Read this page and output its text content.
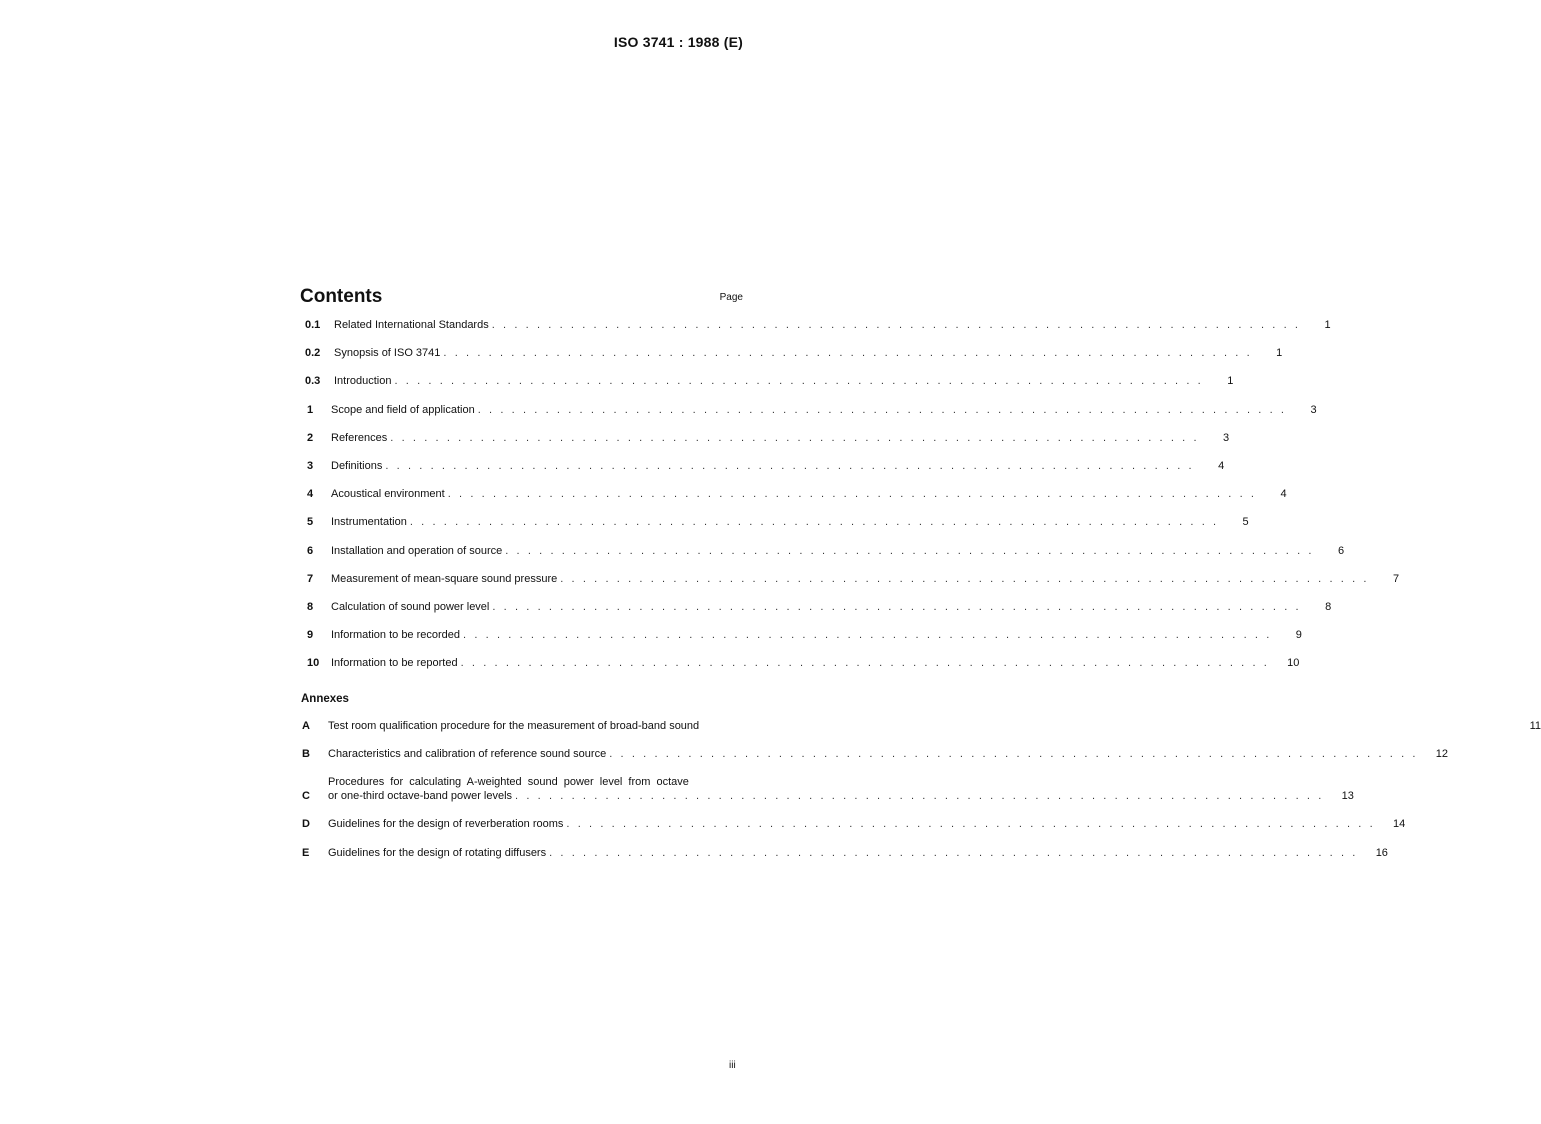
ISO 3741 : 1988 (E)
Contents	Page
0.1	Related International Standards . . . . . . . . . . . . . . . . . . . . . . . . . . . . . . . . . . . . . . . . . . . . . . . . . . . . . . . . . . . . . . . . . . . . . . . .	1
0.2	Synopsis of ISO 3741 . . . . . . . . . . . . . . . . . . . . . . . . . . . . . . . . . . . . . . . . . . . . . . . . . . . . . . . . . . . . . . . . . . . . . . . .	1
0.3	Introduction . . . . . . . . . . . . . . . . . . . . . . . . . . . . . . . . . . . . . . . . . . . . . . . . . . . . . . . . . . . . . . . . . . . . . . . .	1
1	Scope and field of application . . . . . . . . . . . . . . . . . . . . . . . . . . . . . . . . . . . . . . . . . . . . . . . . . . . . . . . . . . . . . . . . . . . . . . . .	3
2	References . . . . . . . . . . . . . . . . . . . . . . . . . . . . . . . . . . . . . . . . . . . . . . . . . . . . . . . . . . . . . . . . . . . . . . . .	3
3	Definitions . . . . . . . . . . . . . . . . . . . . . . . . . . . . . . . . . . . . . . . . . . . . . . . . . . . . . . . . . . . . . . . . . . . . . . . .	4
4	Acoustical environment . . . . . . . . . . . . . . . . . . . . . . . . . . . . . . . . . . . . . . . . . . . . . . . . . . . . . . . . . . . . . . . . . . . . . . . .	4
5	Instrumentation . . . . . . . . . . . . . . . . . . . . . . . . . . . . . . . . . . . . . . . . . . . . . . . . . . . . . . . . . . . . . . . . . . . . . . . .	5
6	Installation and operation of source . . . . . . . . . . . . . . . . . . . . . . . . . . . . . . . . . . . . . . . . . . . . . . . . . . . . . . . . . . . . . . . . . . . . . . . .	6
7	Measurement of mean-square sound pressure . . . . . . . . . . . . . . . . . . . . . . . . . . . . . . . . . . . . . . . . . . . . . . . . . . . . . . . . . . . . . . . . . . . . . . . .	7
8	Calculation of sound power level . . . . . . . . . . . . . . . . . . . . . . . . . . . . . . . . . . . . . . . . . . . . . . . . . . . . . . . . . . . . . . . . . . . . . . . .	8
9	Information to be recorded . . . . . . . . . . . . . . . . . . . . . . . . . . . . . . . . . . . . . . . . . . . . . . . . . . . . . . . . . . . . . . . . . . . . . . . .	9
10	Information to be reported . . . . . . . . . . . . . . . . . . . . . . . . . . . . . . . . . . . . . . . . . . . . . . . . . . . . . . . . . . . . . . . . . . . . . . . .	10
Annexes
A	Test room qualification procedure for the measurement of broad-band sound	11
B	Characteristics and calibration of reference sound source . . . . . . . . . . . . . . . . . . . . . . . . . . . . . . . . . . . . . . . . . . . . . . . . . . . . . . . . . . . . . . . . . . . . . . . .	12
Procedures for calculating A-weighted sound power level from octave
C	or one-third octave-band power levels . . . . . . . . . . . . . . . . . . . . . . . . . . . . . . . . . . . . . . . . . . . . . . . . . . . . . . . . . . . . . . . . . . . . . . . .	13
D	Guidelines for the design of reverberation rooms . . . . . . . . . . . . . . . . . . . . . . . . . . . . . . . . . . . . . . . . . . . . . . . . . . . . . . . . . . . . . . . . . . . . . . . .	14
E	Guidelines for the design of rotating diffusers . . . . . . . . . . . . . . . . . . . . . . . . . . . . . . . . . . . . . . . . . . . . . . . . . . . . . . . . . . . . . . . . . . . . . . . .	16
iii
